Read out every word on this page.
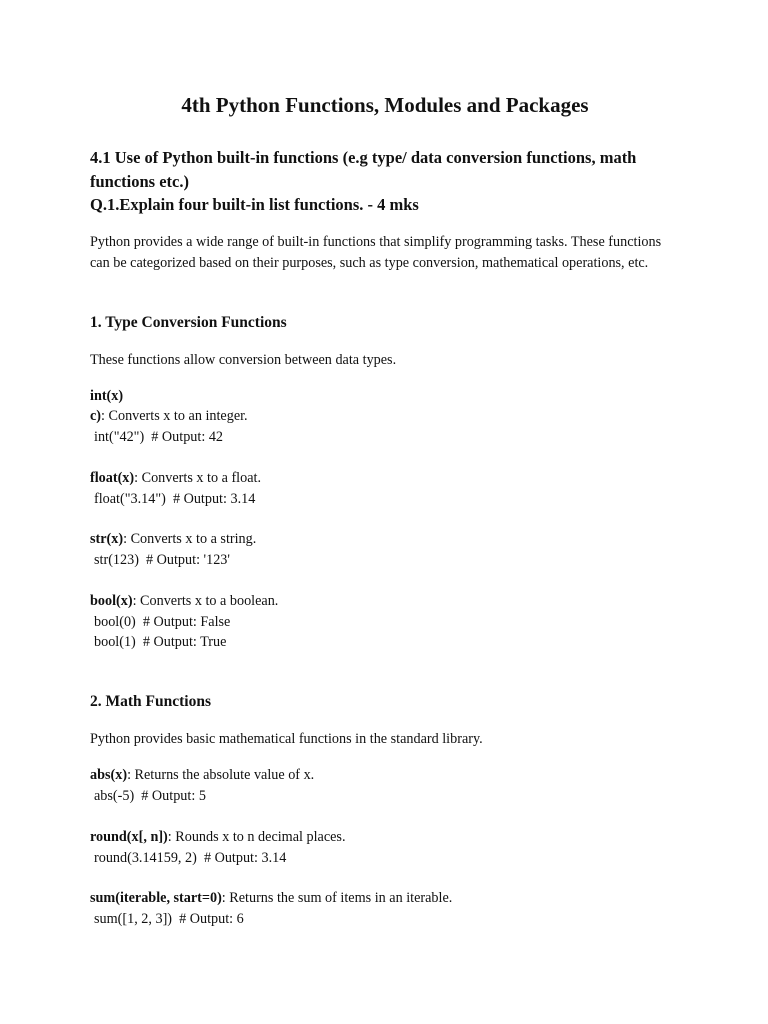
4th Python Functions, Modules and Packages

4.1 Use of Python built-in functions (e.g type/ data conversion functions, math functions etc.)

Q.1.Explain four built-in list functions. - 4 mks

Python provides a wide range of built-in functions that simplify programming tasks. These functions can be categorized based on their purposes, such as type conversion, mathematical operations, etc.

1. Type Conversion Functions

These functions allow conversion between data types.

int(x)

c): Converts x to an integer.

int("42")  # Output: 42

float(x): Converts x to a float.

float("3.14")  # Output: 3.14

str(x): Converts x to a string.

str(123)  # Output: '123'

bool(x): Converts x to a boolean.

bool(0)  # Output: False

bool(1)  # Output: True

2. Math Functions

Python provides basic mathematical functions in the standard library.

abs(x): Returns the absolute value of x.

abs(-5)  # Output: 5

round(x[, n]): Rounds x to n decimal places.

round(3.14159, 2)  # Output: 3.14

sum(iterable, start=0): Returns the sum of items in an iterable.

sum([1, 2, 3])  # Output: 6
